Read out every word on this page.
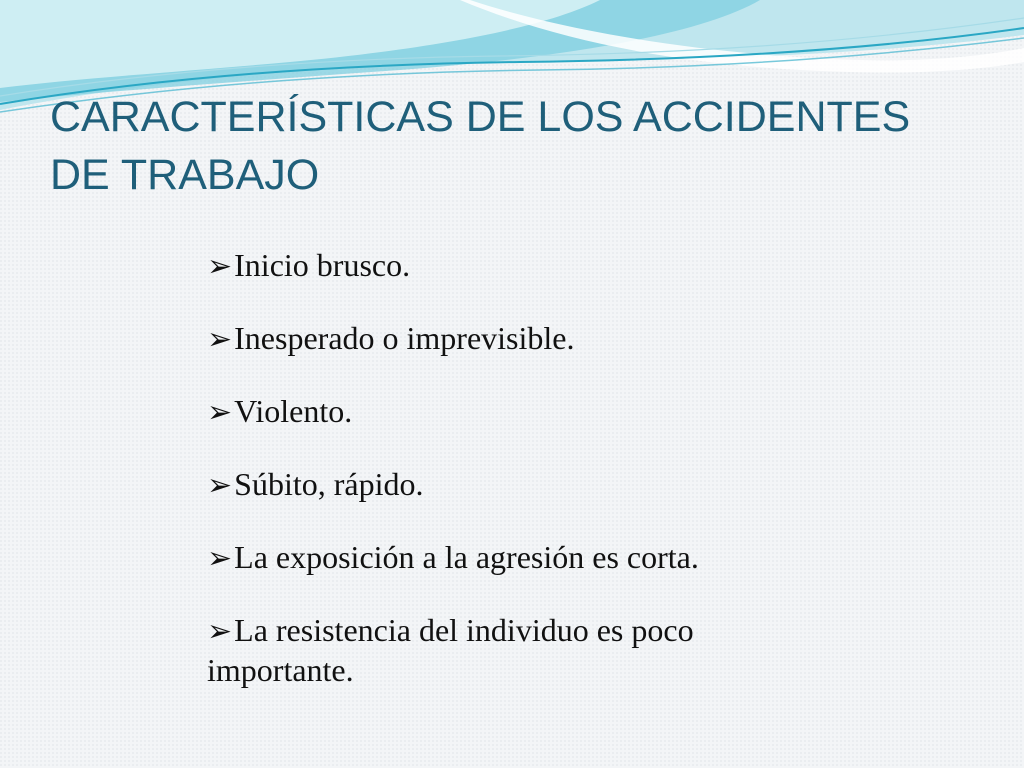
CARACTERÍSTICAS DE LOS ACCIDENTES DE TRABAJO
➢Inicio brusco.
➢Inesperado o imprevisible.
➢Violento.
➢Súbito, rápido.
➢La exposición a la agresión es corta.
➢La resistencia del individuo es poco importante.
